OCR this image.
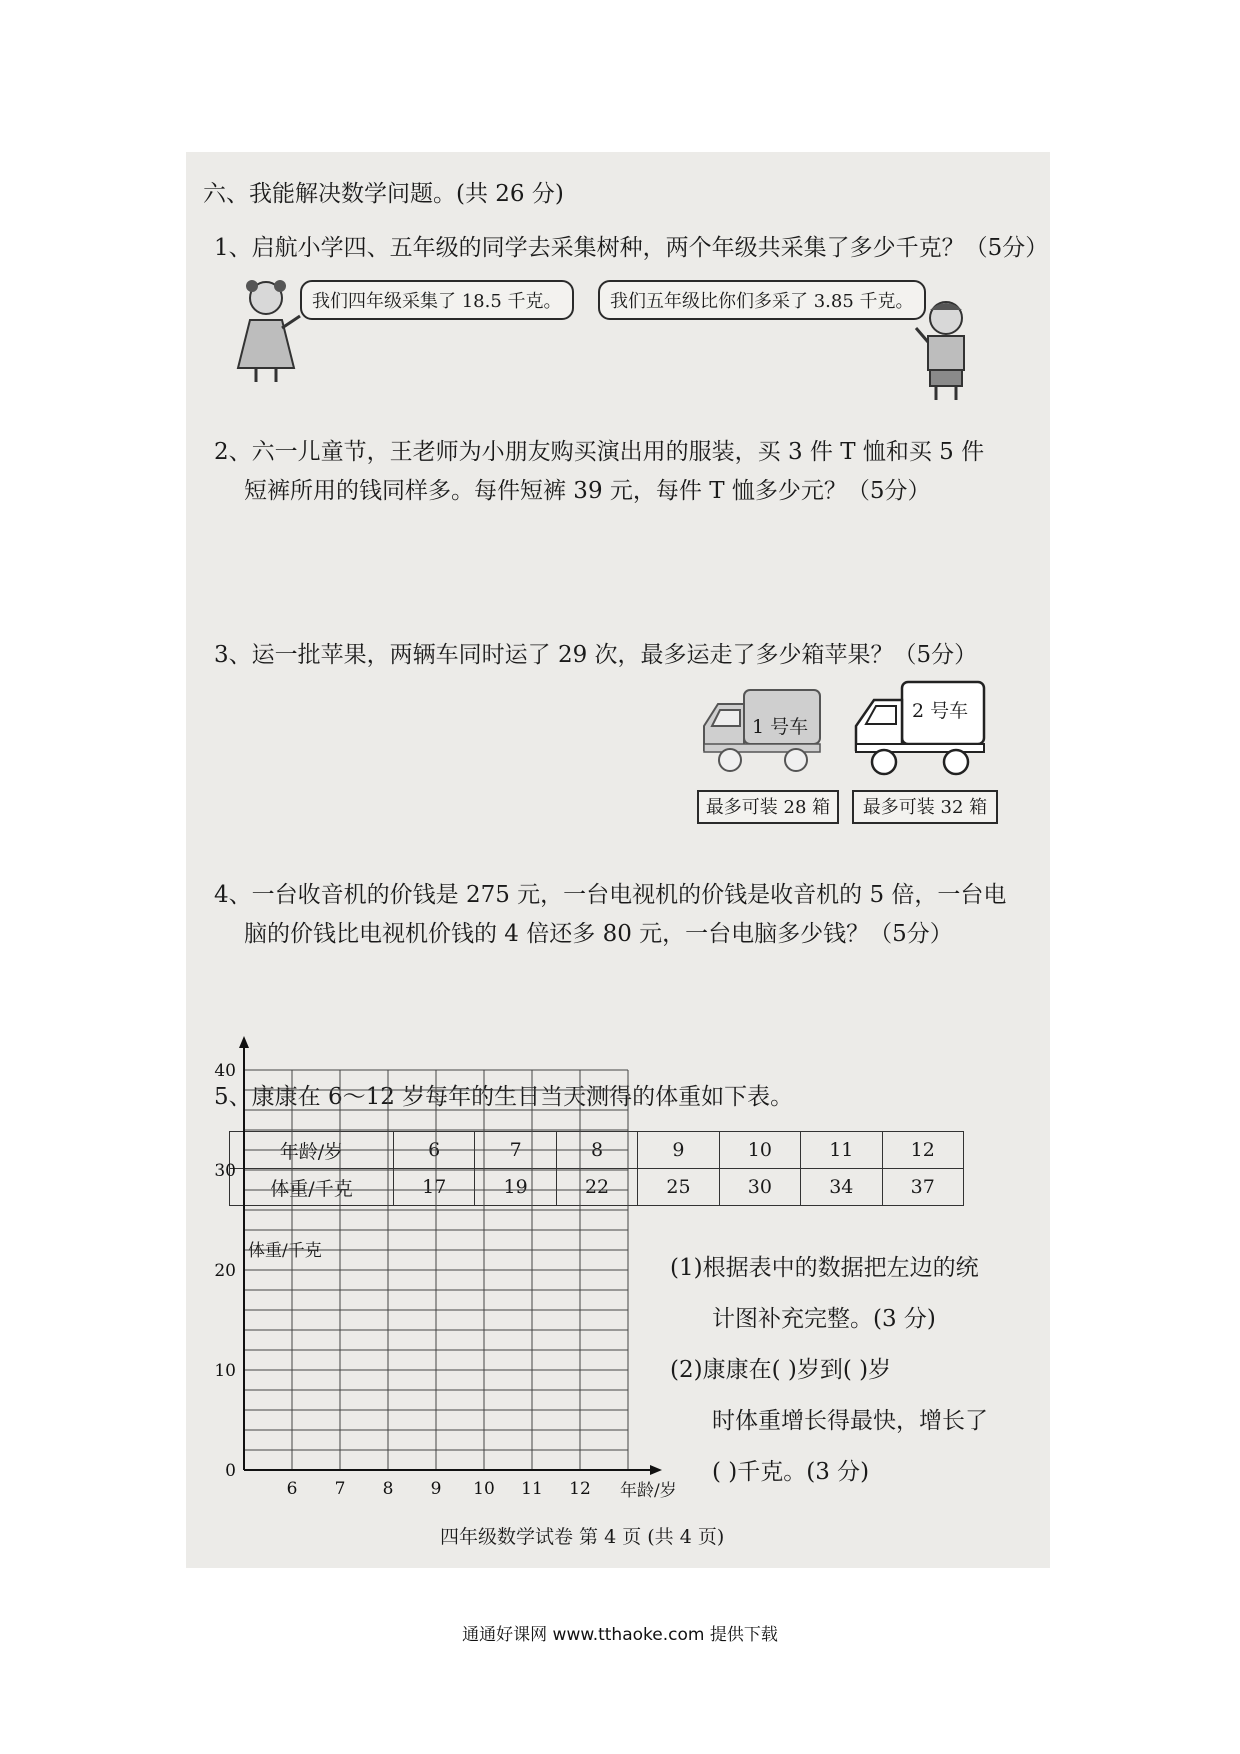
六、我能解决数学问题。(共 26 分)
1、启航小学四、五年级的同学去采集树种，两个年级共采集了多少千克？（5分）
我们四年级采集了 18.5 千克。	我们五年级比你们多采了 3.85 千克。
2、六一儿童节，王老师为小朋友购买演出用的服装，买 3 件 T 恤和买 5 件
短裤所用的钱同样多。每件短裤 39 元，每件 T 恤多少元？（5分）
3、运一批苹果，两辆车同时运了 29 次，最多运走了多少箱苹果？（5分）
1 号车
2 号车
最多可装 28 箱	最多可装 32 箱
4、一台收音机的价钱是 275 元，一台电视机的价钱是收音机的 5 倍，一台电
脑的价钱比电视机价钱的 4 倍还多 80 元，一台电脑多少钱？（5分）
5、康康在 6～12 岁每年的生日当天测得的体重如下表。
年龄/岁	6	7	8	9	10	11	12
体重/千克	17	19	22	25	30	34	37
0
10
20
30
40
6 7 8 9 10 11 12
体重/千克
年龄/岁
(1)根据表中的数据把左边的统
计图补充完整。(3 分)
(2)康康在( )岁到( )岁
时体重增长得最快，增长了
( )千克。(3 分)
四年级数学试卷 第 4 页 (共 4 页)
通通好课网 www.tthaoke.com 提供下载
